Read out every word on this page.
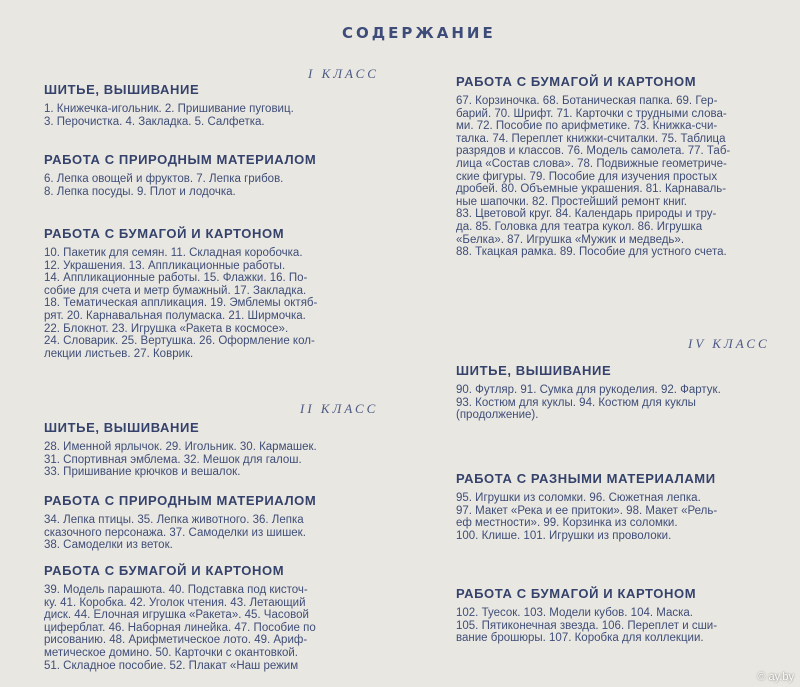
СОДЕРЖАНИЕ
I КЛАСС
II КЛАСС
IV КЛАСС
ШИТЬЕ, ВЫШИВАНИЕ

1. Книжечка-игольник. 2. Пришивание пуговиц.
3. Перочистка. 4. Закладка. 5. Салфетка.

РАБОТА С ПРИРОДНЫМ МАТЕРИАЛОМ

6. Лепка овощей и фруктов. 7. Лепка грибов.
8. Лепка посуды. 9. Плот и лодочка.

РАБОТА С БУМАГОЙ И КАРТОНОМ

10. Пакетик для семян. 11. Складная коробочка.
12. Украшения. 13. Аппликационные работы.
14. Аппликационные работы. 15. Флажки. 16. По-
собие для счета и метр бумажный. 17. Закладка.
18. Тематическая аппликация. 19. Эмблемы октяб-
рят. 20. Карнавальная полумаска. 21. Ширмочка.
22. Блокнот. 23. Игрушка «Ракета в космосе».
24. Словарик. 25. Вертушка. 26. Оформление кол-
лекции листьев. 27. Коврик.

ШИТЬЕ, ВЫШИВАНИЕ

28. Именной ярлычок. 29. Игольник. 30. Кармашек.
31. Спортивная эмблема. 32. Мешок для галош.
33. Пришивание крючков и вешалок.

РАБОТА С ПРИРОДНЫМ МАТЕРИАЛОМ

34. Лепка птицы. 35. Лепка животного. 36. Лепка
сказочного персонажа. 37. Самоделки из шишек.
38. Самоделки из веток.

РАБОТА С БУМАГОЙ И КАРТОНОМ

39. Модель парашюта. 40. Подставка под кисточ-
ку. 41. Коробка. 42. Уголок чтения. 43. Летающий
диск. 44. Елочная игрушка «Ракета». 45. Часовой
циферблат. 46. Наборная линейка. 47. Пособие по
рисованию. 48. Арифметическое лото. 49. Ариф-
метическое домино. 50. Карточки с окантовкой.
51. Складное пособие. 52. Плакат «Наш режим

РАБОТА С БУМАГОЙ И КАРТОНОМ

67. Корзиночка. 68. Ботаническая папка. 69. Гер-
барий. 70. Шрифт. 71. Карточки с трудными слова-
ми. 72. Пособие по арифметике. 73. Книжка-счи-
талка. 74. Переплет книжки-считалки. 75. Таблица
разрядов и классов. 76. Модель самолета. 77. Таб-
лица «Состав слова». 78. Подвижные геометриче-
ские фигуры. 79. Пособие для изучения простых
дробей. 80. Объемные украшения. 81. Карнаваль-
ные шапочки. 82. Простейший ремонт книг.
83. Цветовой круг. 84. Календарь природы и тру-
да. 85. Головка для театра кукол. 86. Игрушка
«Белка». 87. Игрушка «Мужик и медведь».
88. Ткацкая рамка. 89. Пособие для устного счета.

ШИТЬЕ, ВЫШИВАНИЕ

90. Футляр. 91. Сумка для рукоделия. 92. Фартук.
93. Костюм для куклы. 94. Костюм для куклы
(продолжение).

РАБОТА С РАЗНЫМИ МАТЕРИАЛАМИ

95. Игрушки из соломки. 96. Сюжетная лепка.
97. Макет «Река и ее притоки». 98. Макет «Рель-
еф местности». 99. Корзинка из соломки.
100. Клише. 101. Игрушки из проволоки.

РАБОТА С БУМАГОЙ И КАРТОНОМ

102. Туесок. 103. Модели кубов. 104. Маска.
105. Пятиконечная звезда. 106. Переплет и сши-
вание брошюры. 107. Коробка для коллекции.

© ay.by
